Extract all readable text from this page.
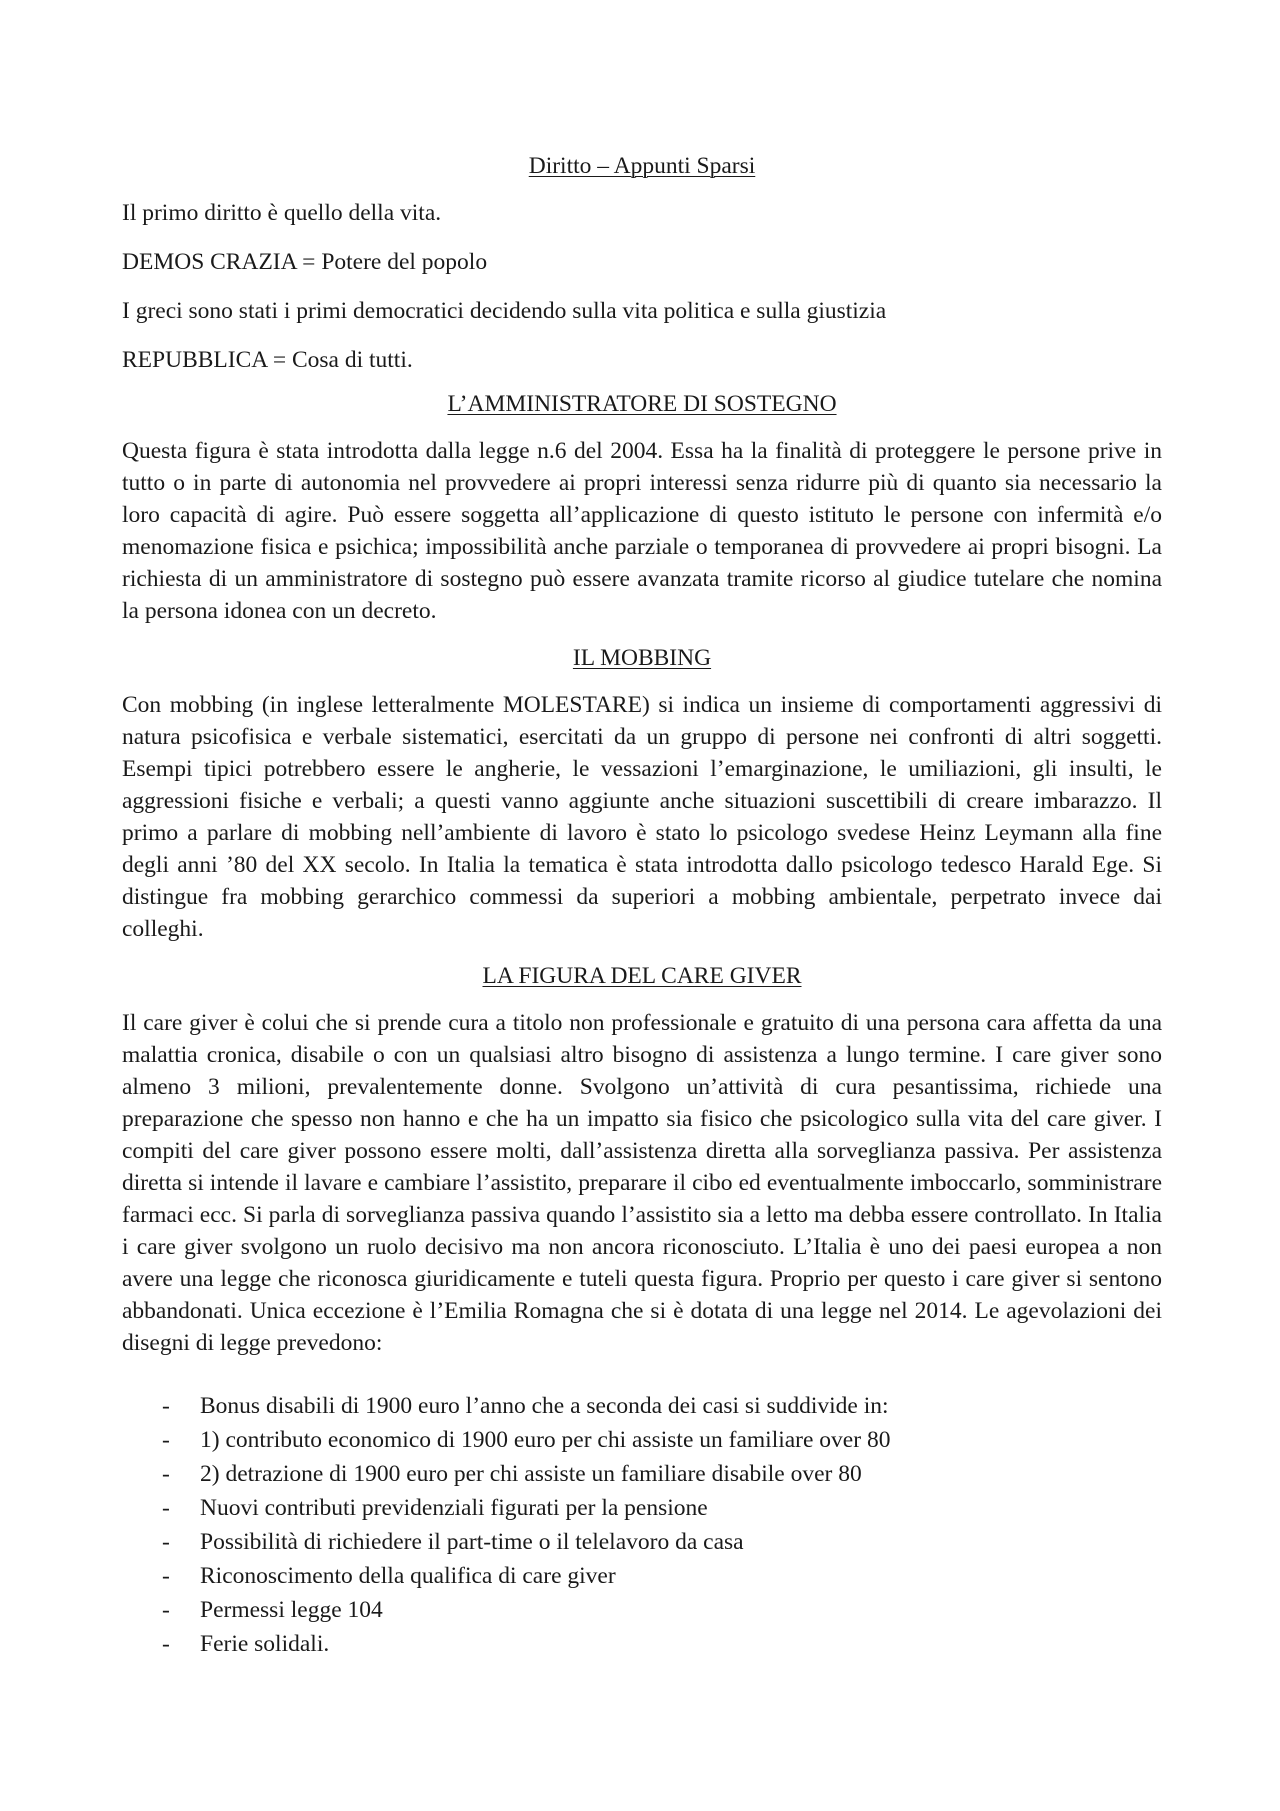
Diritto – Appunti Sparsi
Il primo diritto è quello della vita.
DEMOS CRAZIA = Potere del popolo
I greci sono stati i primi democratici decidendo sulla vita politica e sulla giustizia
REPUBBLICA = Cosa di tutti.
L’AMMINISTRATORE DI SOSTEGNO
Questa figura è stata introdotta dalla legge n.6 del 2004. Essa ha la finalità di proteggere le persone prive in tutto o in parte di autonomia nel provvedere ai propri interessi senza ridurre più di quanto sia necessario la loro capacità di agire. Può essere soggetta all’applicazione di questo istituto le persone con infermità e/o menomazione fisica e psichica; impossibilità anche parziale o temporanea di provvedere ai propri bisogni. La richiesta di un amministratore di sostegno può essere avanzata tramite ricorso al giudice tutelare che nomina la persona idonea con un decreto.
IL MOBBING
Con mobbing (in inglese letteralmente MOLESTARE) si indica un insieme di comportamenti aggressivi di natura psicofisica e verbale sistematici, esercitati da un gruppo di persone nei confronti di altri soggetti. Esempi tipici potrebbero essere le angherie, le vessazioni l’emarginazione, le umiliazioni, gli insulti, le aggressioni fisiche e verbali; a questi vanno aggiunte anche situazioni suscettibili di creare imbarazzo. Il primo a parlare di mobbing nell’ambiente di lavoro è stato lo psicologo svedese Heinz Leymann alla fine degli anni ’80 del XX secolo. In Italia la tematica è stata introdotta dallo psicologo tedesco Harald Ege. Si distingue fra mobbing gerarchico commessi da superiori a mobbing ambientale, perpetrato invece dai colleghi.
LA FIGURA DEL CARE GIVER
Il care giver è colui che si prende cura a titolo non professionale e gratuito di una persona cara affetta da una malattia cronica, disabile o con un qualsiasi altro bisogno di assistenza a lungo termine. I care giver sono almeno 3 milioni, prevalentemente donne. Svolgono un’attività di cura pesantissima, richiede una preparazione che spesso non hanno e che ha un impatto sia fisico che psicologico sulla vita del care giver. I compiti del care giver possono essere molti, dall’assistenza diretta alla sorveglianza passiva. Per assistenza diretta si intende il lavare e cambiare l’assistito, preparare il cibo ed eventualmente imboccarlo, somministrare farmaci ecc. Si parla di sorveglianza passiva quando l’assistito sia a letto ma debba essere controllato. In Italia i care giver svolgono un ruolo decisivo ma non ancora riconosciuto. L’Italia è uno dei paesi europea a non avere una legge che riconosca giuridicamente e tuteli questa figura. Proprio per questo i care giver si sentono abbandonati. Unica eccezione è l’Emilia Romagna che si è dotata di una legge nel 2014. Le agevolazioni dei disegni di legge prevedono:
- Bonus disabili di 1900 euro l’anno che a seconda dei casi si suddivide in:
- 1) contributo economico di 1900 euro per chi assiste un familiare over 80
- 2) detrazione di 1900 euro per chi assiste un familiare disabile over 80
- Nuovi contributi previdenziali figurati per la pensione
- Possibilità di richiedere il part-time o il telelavoro da casa
- Riconoscimento della qualifica di care giver
- Permessi legge 104
- Ferie solidali.
